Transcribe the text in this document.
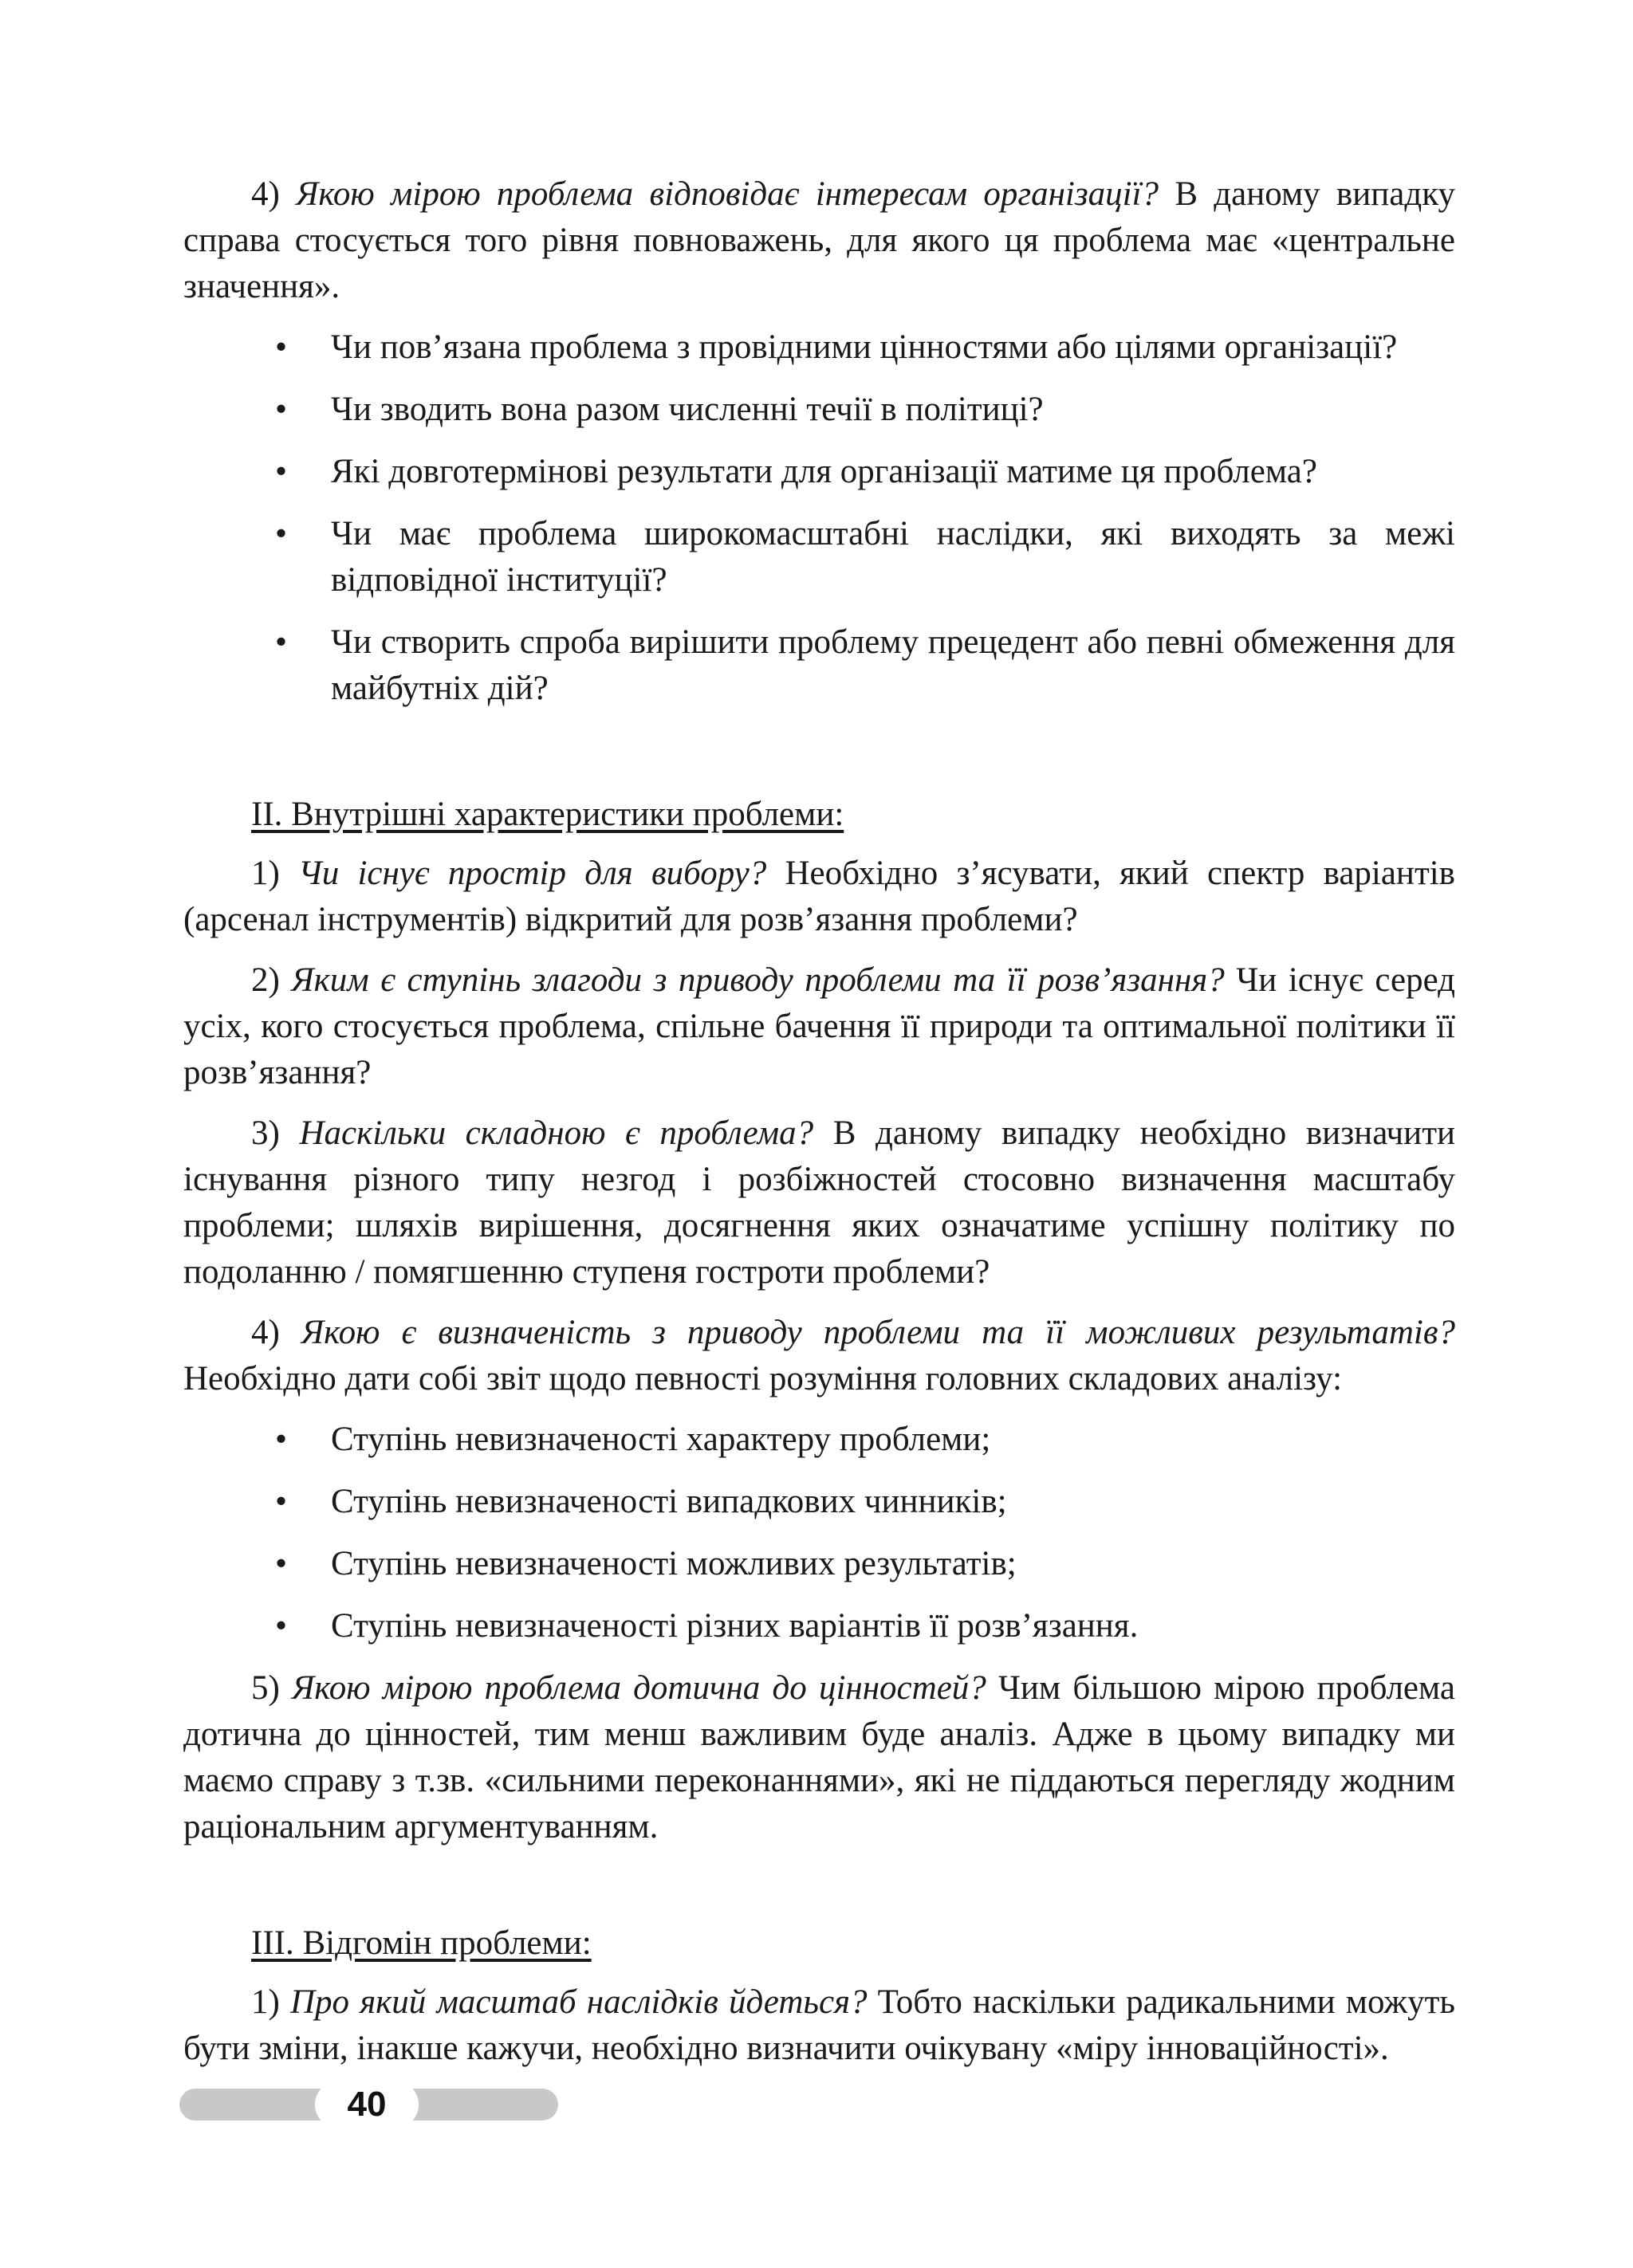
4) Якою мірою проблема відповідає інтересам організації? В даному випадку справа стосується того рівня повноважень, для якого ця проблема має «центральне значення».

• Чи пов’язана проблема з провідними цінностями або цілями організації?
• Чи зводить вона разом численні течії в політиці?
• Які довготермінові результати для організації матиме ця проблема?
• Чи має проблема широкомасштабні наслідки, які виходять за межі відповідної інституції?
• Чи створить спроба вирішити проблему прецедент або певні обмеження для майбутніх дій?

ІІ. Внутрішні характеристики проблеми:

1) Чи існує простір для вибору? Необхідно з’ясувати, який спектр варіантів (арсенал інструментів) відкритий для розв’язання проблеми?

2) Яким є ступінь злагоди з приводу проблеми та її розв’язання? Чи існує серед усіх, кого стосується проблема, спільне бачення її природи та оптимальної політики її розв’язання?

3) Наскільки складною є проблема? В даному випадку необхідно визначити існування різного типу незгод і розбіжностей стосовно визначення масштабу проблеми; шляхів вирішення, досягнення яких означатиме успішну політику по подоланню / помягшенню ступеня гостроти проблеми?

4) Якою є визначеність з приводу проблеми та її можливих результатів? Необхідно дати собі звіт щодо певності розуміння головних складових аналізу:

• Ступінь невизначеності характеру проблеми;
• Ступінь невизначеності випадкових чинників;
• Ступінь невизначеності можливих результатів;
• Ступінь невизначеності різних варіантів її розв’язання.

5) Якою мірою проблема дотична до цінностей? Чим більшою мірою проблема дотична до цінностей, тим менш важливим буде аналіз. Адже в цьому випадку ми маємо справу з т.зв. «сильними переконаннями», які не піддаються перегляду жодним раціональним аргументуванням.

ІІІ. Відгомін проблеми:

1) Про який масштаб наслідків йдеться? Тобто наскільки радикальними можуть бути зміни, інакше кажучи, необхідно визначити очікувану «міру інноваційності».

40
